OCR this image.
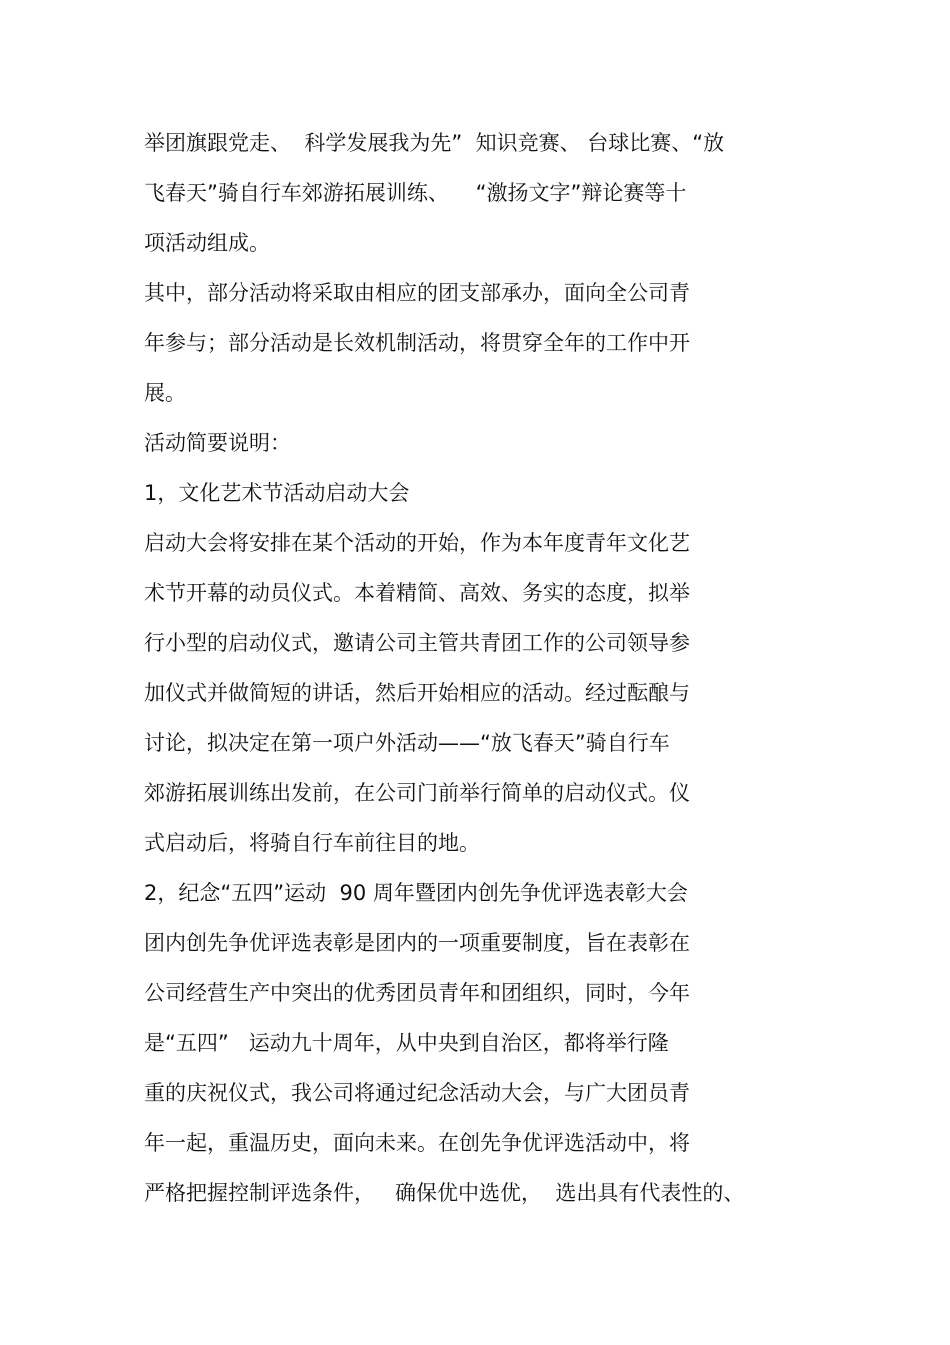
举团旗跟党走、  科学发展我为先”  知识竞赛、 台球比赛、“放
飞春天”骑自行车郊游拓展训练、    “激扬文字”辩论赛等十
项活动组成。
其中，部分活动将采取由相应的团支部承办，面向全公司青
年参与；部分活动是长效机制活动，将贯穿全年的工作中开
展。
活动简要说明：
1，文化艺术节活动启动大会
启动大会将安排在某个活动的开始，作为本年度青年文化艺
术节开幕的动员仪式。本着精简、高效、务实的态度，拟举
行小型的启动仪式，邀请公司主管共青团工作的公司领导参
加仪式并做简短的讲话，然后开始相应的活动。经过酝酿与
讨论，拟决定在第一项户外活动——“放飞春天”骑自行车
郊游拓展训练出发前，在公司门前举行简单的启动仪式。仪
式启动后，将骑自行车前往目的地。
2，纪念“五四”运动  90 周年暨团内创先争优评选表彰大会
团内创先争优评选表彰是团内的一项重要制度，旨在表彰在
公司经营生产中突出的优秀团员青年和团组织，同时，今年
是“五四”   运动九十周年，从中央到自治区，都将举行隆
重的庆祝仪式，我公司将通过纪念活动大会，与广大团员青
年一起，重温历史，面向未来。在创先争优评选活动中，将
严格把握控制评选条件，   确保优中选优，  选出具有代表性的、
